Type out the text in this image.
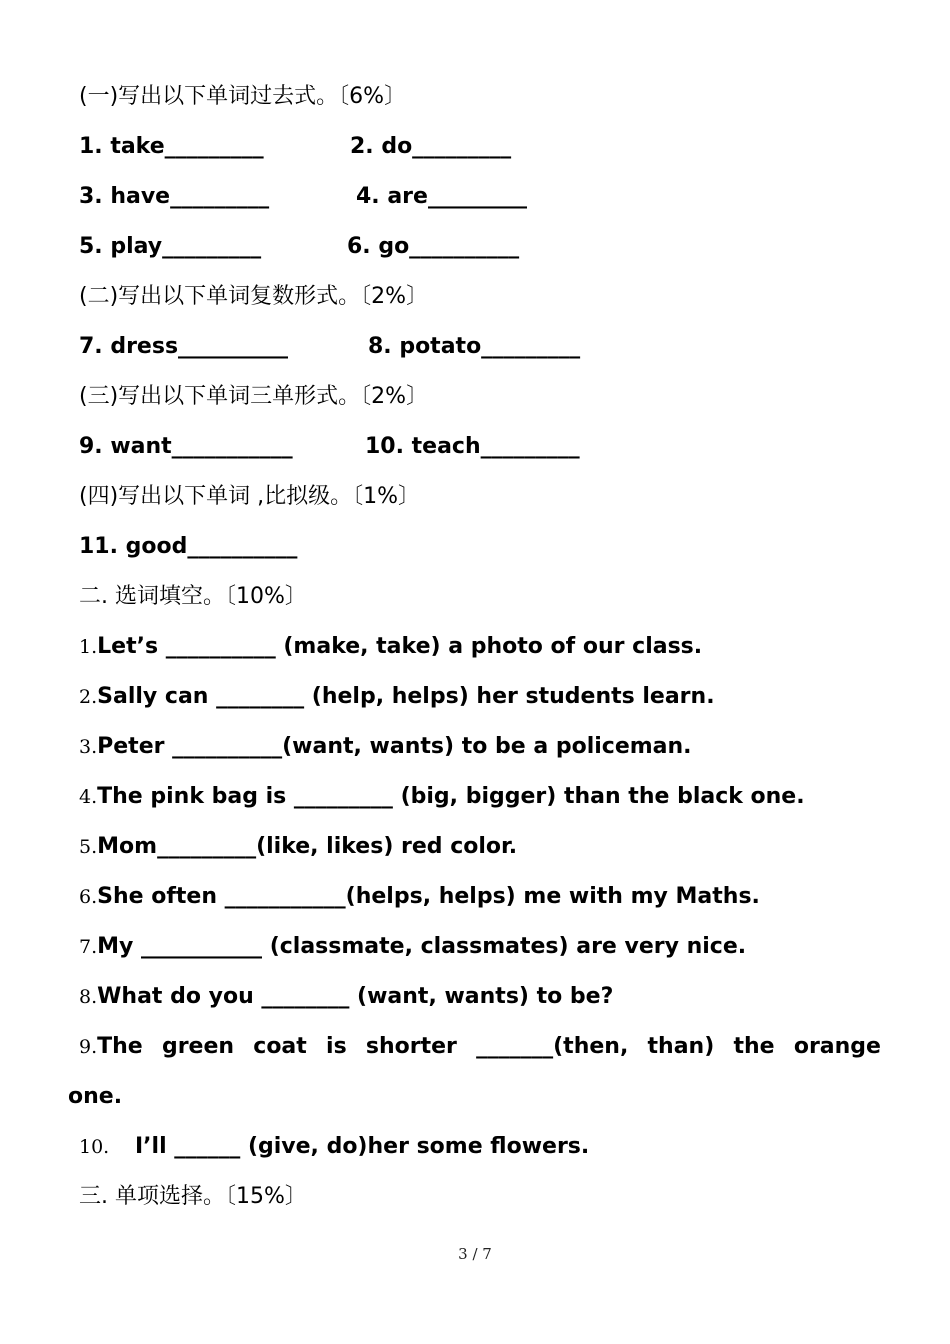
(一)写出以下单词过去式。〔6%〕
1. take_________	2. do_________
3. have_________	4. are_________
5. play_________	6. go__________
(二)写出以下单词复数形式。〔2%〕
7. dress__________	8. potato_________
(三)写出以下单词三单形式。〔2%〕
9. want___________	10. teach_________
(四)写出以下单词 ,比拟级。〔1%〕
11. good__________
二. 选词填空。〔10%〕
1.Let’s __________ (make, take) a photo of our class.
2.Sally can ________ (help, helps) her students learn.
3.Peter __________(want, wants) to be a policeman.
4.The pink bag is _________ (big, bigger) than the black one.
5.Mom_________(like, likes) red color.
6.She often ___________(helps, helps) me with my Maths.
7.My ___________ (classmate, classmates) are very nice.
8.What do you ________ (want, wants) to be?
9.The green coat is shorter _______(then, than) the orange
one.
10. I’ll ______ (give, do)her some flowers.
三. 单项选择。〔15%〕
3 / 7
